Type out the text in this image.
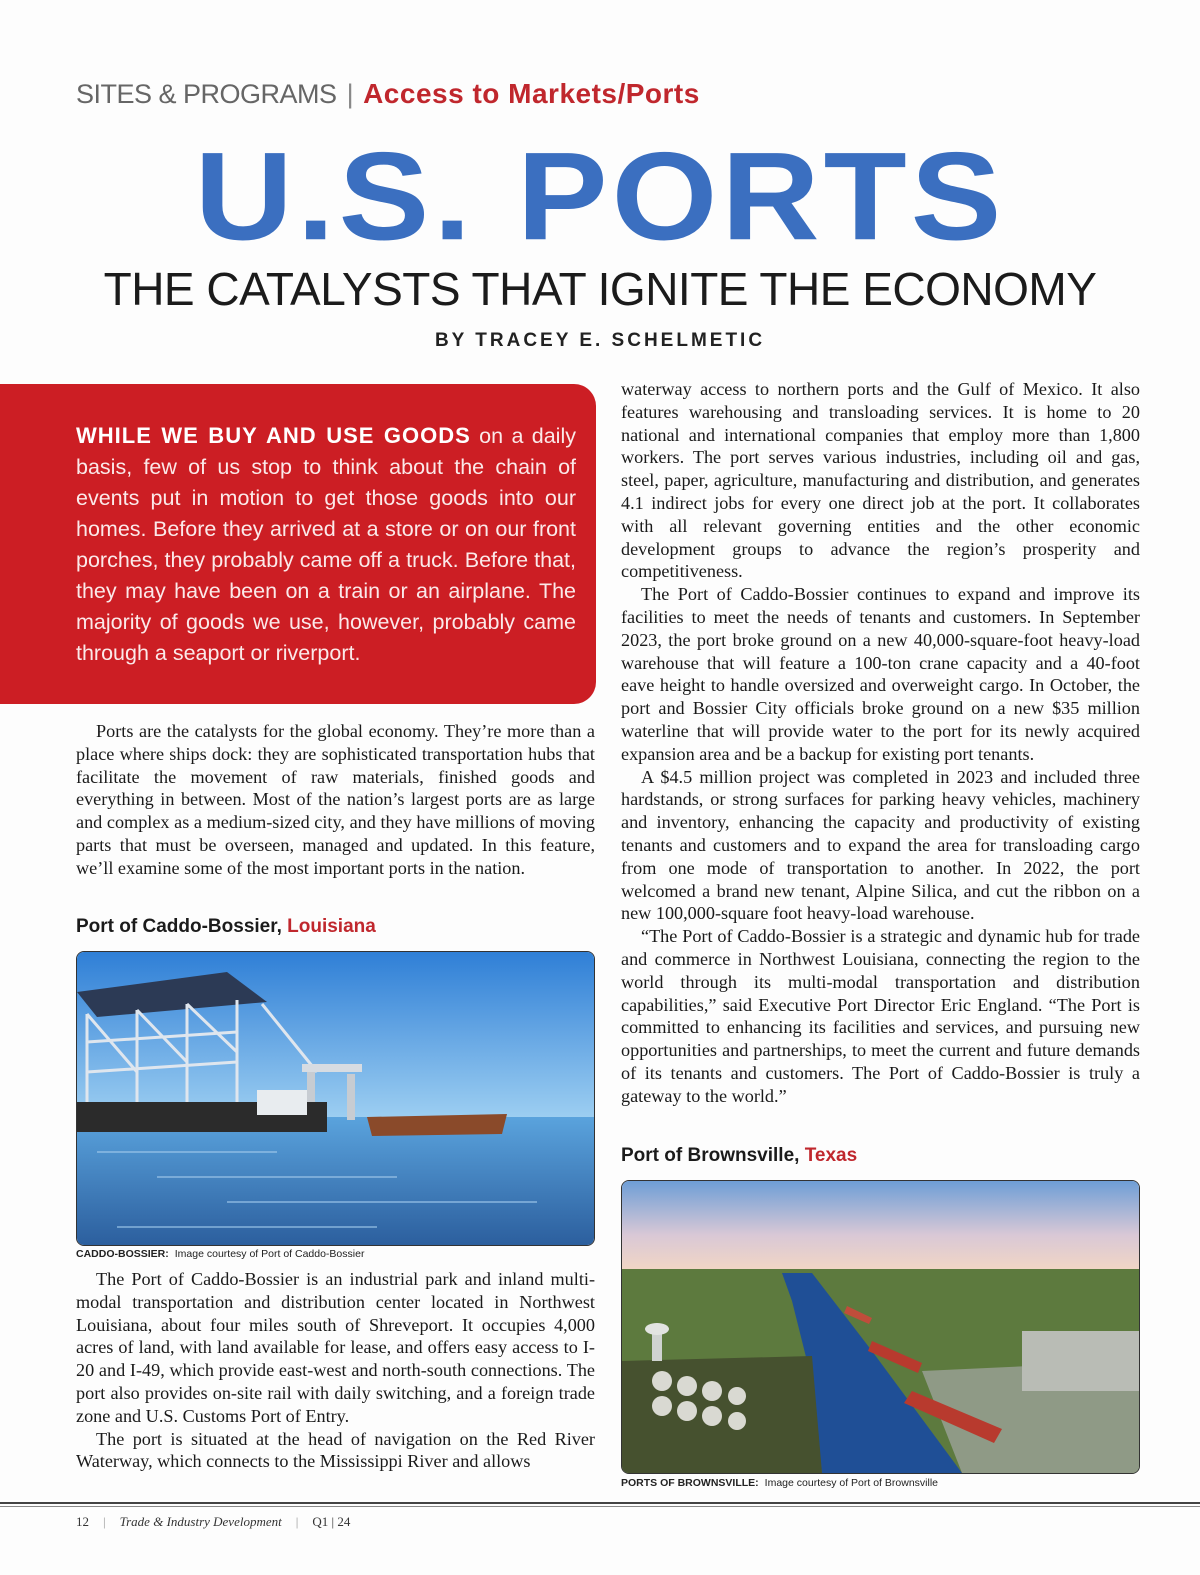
SITES & PROGRAMS | Access to Markets/Ports
U.S. PORTS
THE CATALYSTS THAT IGNITE THE ECONOMY
BY TRACEY E. SCHELMETIC
WHILE WE BUY AND USE GOODS on a daily basis, few of us stop to think about the chain of events put in motion to get those goods into our homes. Before they arrived at a store or on our front porches, they probably came off a truck. Before that, they may have been on a train or an airplane. The majority of goods we use, however, probably came through a seaport or riverport.

Ports are the catalysts for the global economy. They’re more than a place where ships dock: they are sophisticated transportation hubs that facilitate the movement of raw materials, finished goods and everything in between. Most of the nation’s largest ports are as large and complex as a medium-sized city, and they have millions of moving parts that must be overseen, managed and updated. In this feature, we’ll examine some of the most important ports in the nation.

Port of Caddo-Bossier, Louisiana
CADDO-BOSSIER: Image courtesy of Port of Caddo-Bossier

The Port of Caddo-Bossier is an industrial park and inland multi-modal transportation and distribution center located in Northwest Louisiana, about four miles south of Shreveport. It occupies 4,000 acres of land, with land available for lease, and offers easy access to I-20 and I-49, which provide east-west and north-south connections. The port also provides on-site rail with daily switching, and a foreign trade zone and U.S. Customs Port of Entry.

The port is situated at the head of navigation on the Red River Waterway, which connects to the Mississippi River and allows

waterway access to northern ports and the Gulf of Mexico. It also features warehousing and transloading services. It is home to 20 national and international companies that employ more than 1,800 workers. The port serves various industries, including oil and gas, steel, paper, agriculture, manufacturing and distribution, and generates 4.1 indirect jobs for every one direct job at the port. It collaborates with all relevant governing entities and the other economic development groups to advance the region’s prosperity and competitiveness.

The Port of Caddo-Bossier continues to expand and improve its facilities to meet the needs of tenants and customers. In September 2023, the port broke ground on a new 40,000-square-foot heavy-load warehouse that will feature a 100-ton crane capacity and a 40-foot eave height to handle oversized and overweight cargo. In October, the port and Bossier City officials broke ground on a new $35 million waterline that will provide water to the port for its newly acquired expansion area and be a backup for existing port tenants.

A $4.5 million project was completed in 2023 and included three hardstands, or strong surfaces for parking heavy vehicles, machinery and inventory, enhancing the capacity and productivity of existing tenants and customers and to expand the area for transloading cargo from one mode of transportation to another. In 2022, the port welcomed a brand new tenant, Alpine Silica, and cut the ribbon on a new 100,000-square foot heavy-load warehouse.

“The Port of Caddo-Bossier is a strategic and dynamic hub for trade and commerce in Northwest Louisiana, connecting the region to the world through its multi-modal transportation and distribution capabilities,” said Executive Port Director Eric England. “The Port is committed to enhancing its facilities and services, and pursuing new opportunities and partnerships, to meet the current and future demands of its tenants and customers. The Port of Caddo-Bossier is truly a gateway to the world.”

Port of Brownsville, Texas
PORTS OF BROWNSVILLE: Image courtesy of Port of Brownsville
12 | Trade & Industry Development | Q1 | 24
